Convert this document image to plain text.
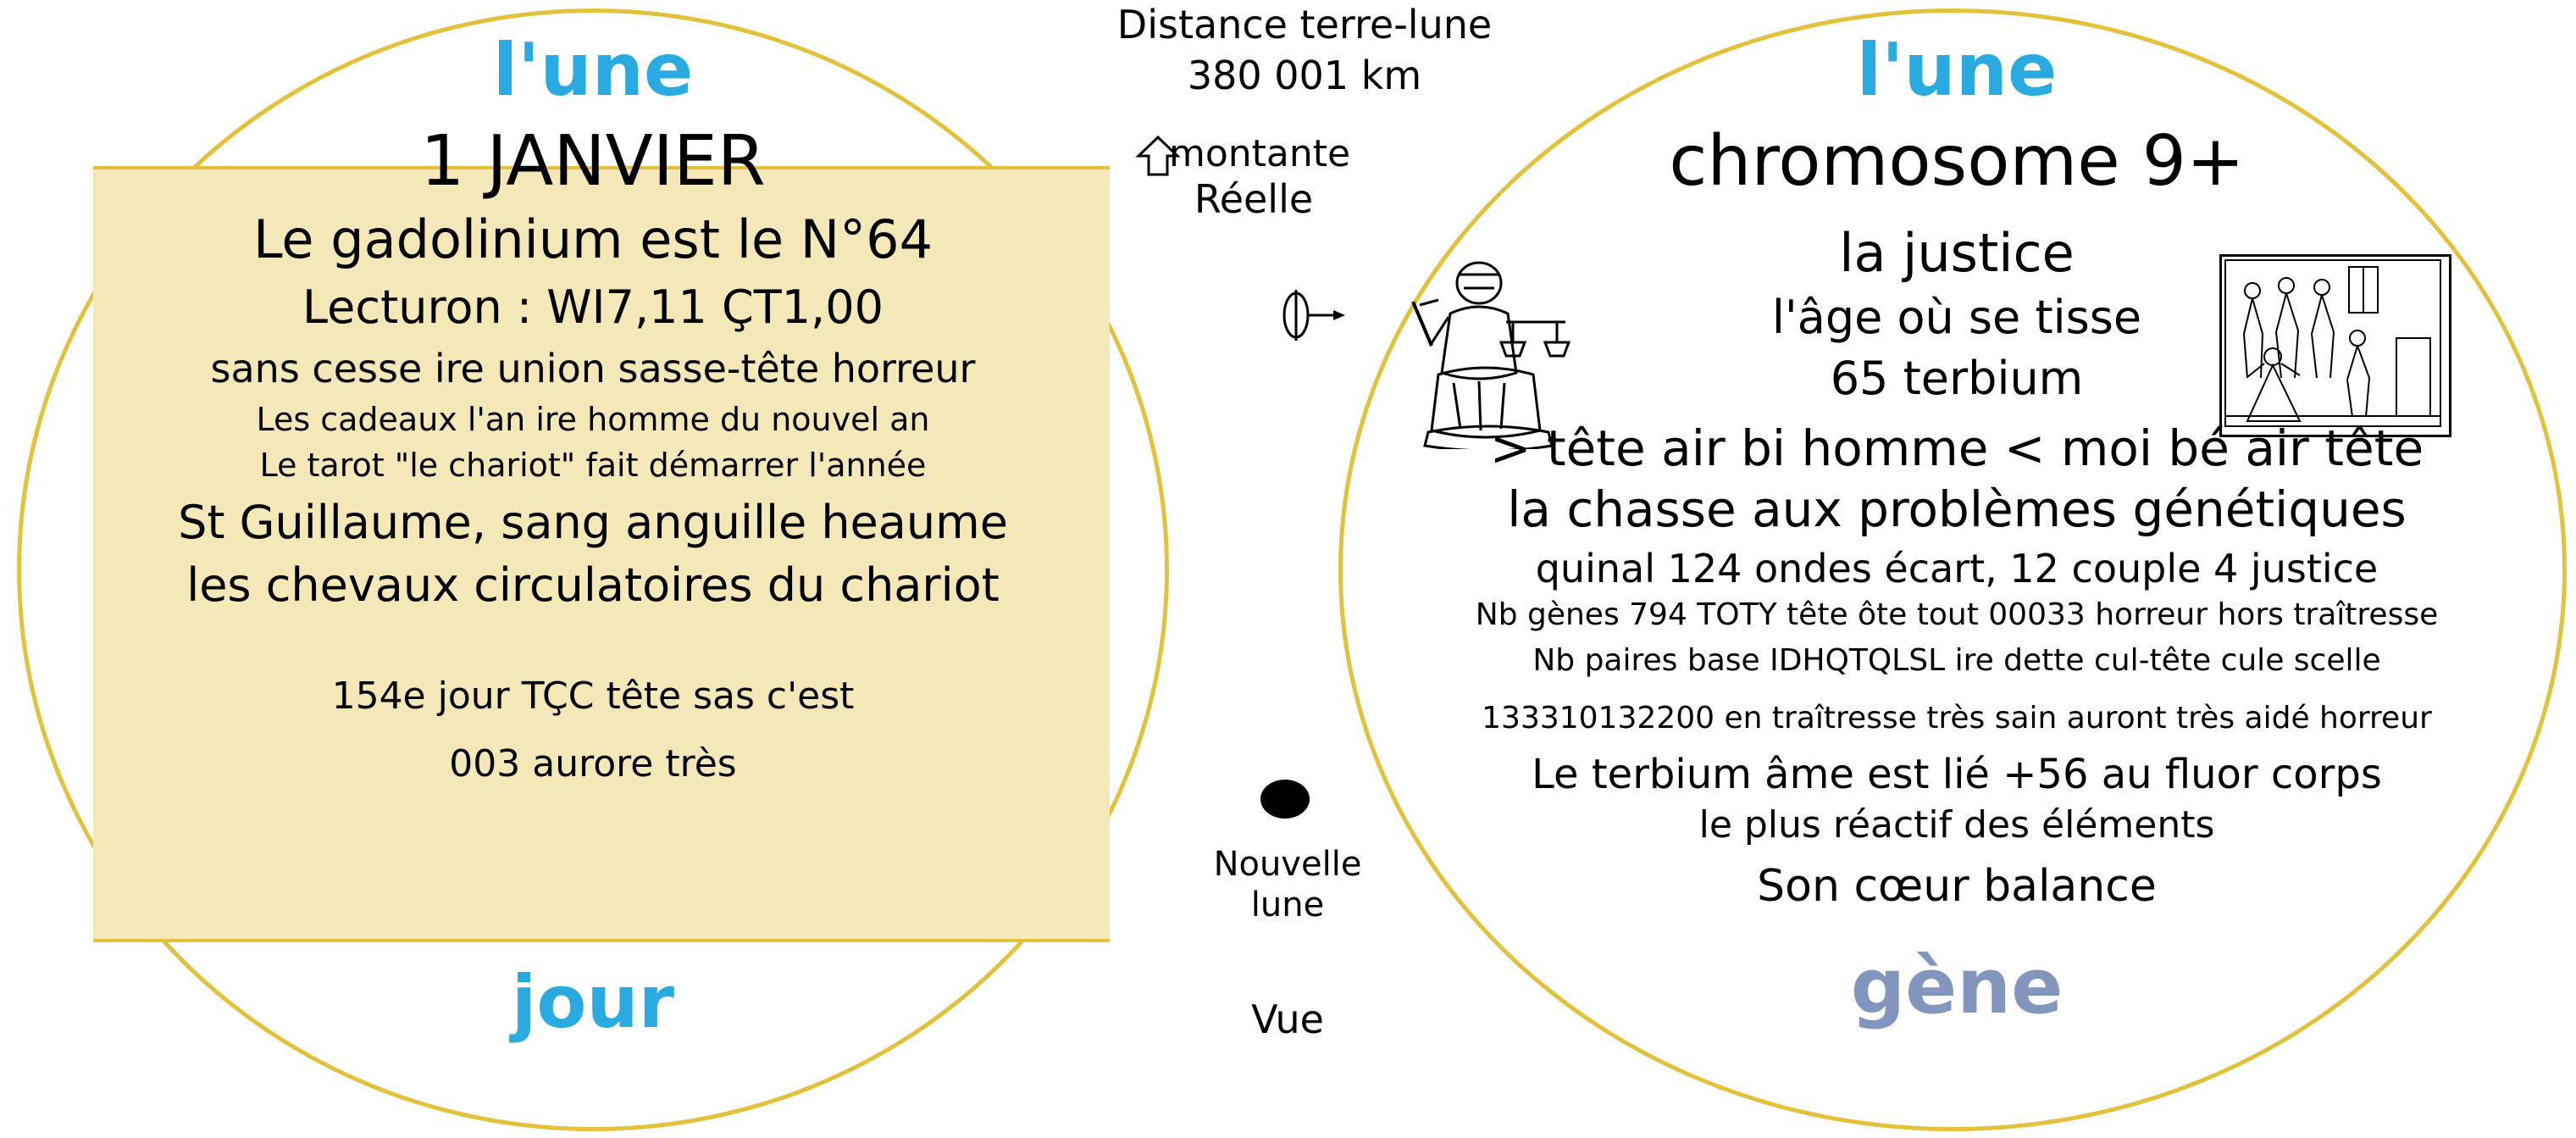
l'une
1 JANVIER
Le gadolinium est le N°64
Lecturon : WI7,11 ÇT1,00
sans cesse ire union sasse-tête horreur
Les cadeaux l'an ire homme du nouvel an
Le tarot "le chariot" fait démarrer l'année
St Guillaume, sang anguille heaume
les chevaux circulatoires du chariot
154e jour TÇC tête sas c'est
003 aurore très
jour
Distance terre-lune
380 001 km
montante
Réelle
Nouvelle
lune
Vue
l'une
chromosome 9+
la justice
l'âge où se tisse
65 terbium
> tête air bi homme < moi bé air tête
la chasse aux problèmes génétiques
quinal 124 ondes écart, 12 couple 4 justice
Nb gènes 794 TOTY tête ôte tout 00033 horreur hors traîtresse
Nb paires base IDHQTQLSL ire dette cul-tête cule scelle
133310132200 en traîtresse très sain auront très aidé horreur
Le terbium âme est lié +56 au fluor corps
le plus réactif des éléments
Son cœur balance
gène
